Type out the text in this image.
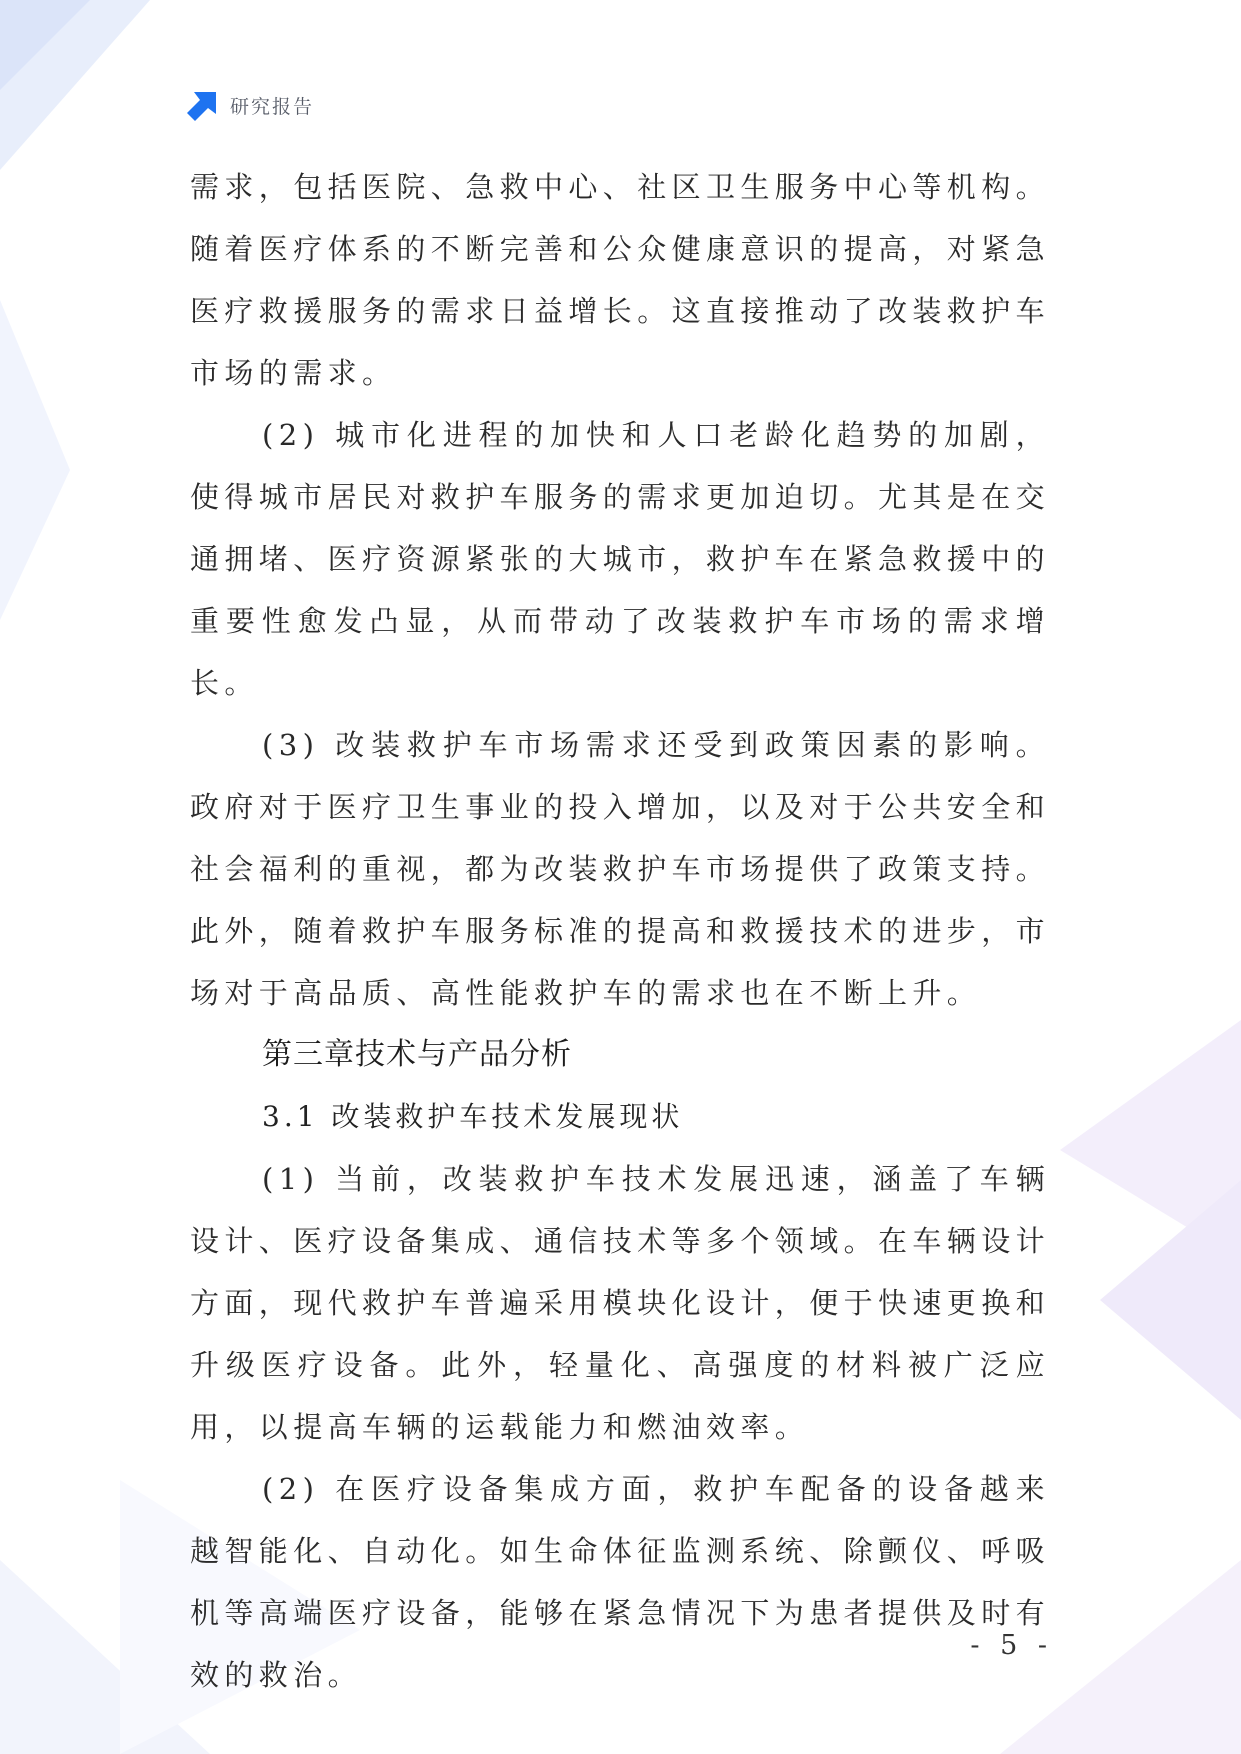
研究报告

需求，包括医院、急救中心、社区卫生服务中心等机构。随着医疗体系的不断完善和公众健康意识的提高，对紧急医疗救援服务的需求日益增长。这直接推动了改装救护车市场的需求。

(2) 城市化进程的加快和人口老龄化趋势的加剧，使得城市居民对救护车服务的需求更加迫切。尤其是在交通拥堵、医疗资源紧张的大城市，救护车在紧急救援中的重要性愈发凸显，从而带动了改装救护车市场的需求增长。

(3) 改装救护车市场需求还受到政策因素的影响。政府对于医疗卫生事业的投入增加，以及对于公共安全和社会福利的重视，都为改装救护车市场提供了政策支持。此外，随着救护车服务标准的提高和救援技术的进步，市场对于高品质、高性能救护车的需求也在不断上升。

第三章技术与产品分析
3.1 改装救护车技术发展现状

(1) 当前，改装救护车技术发展迅速，涵盖了车辆设计、医疗设备集成、通信技术等多个领域。在车辆设计方面，现代救护车普遍采用模块化设计，便于快速更换和升级医疗设备。此外，轻量化、高强度的材料被广泛应用，以提高车辆的运载能力和燃油效率。

(2) 在医疗设备集成方面，救护车配备的设备越来越智能化、自动化。如生命体征监测系统、除颤仪、呼吸机等高端医疗设备，能够在紧急情况下为患者提供及时有效的救治。

- 5 -
